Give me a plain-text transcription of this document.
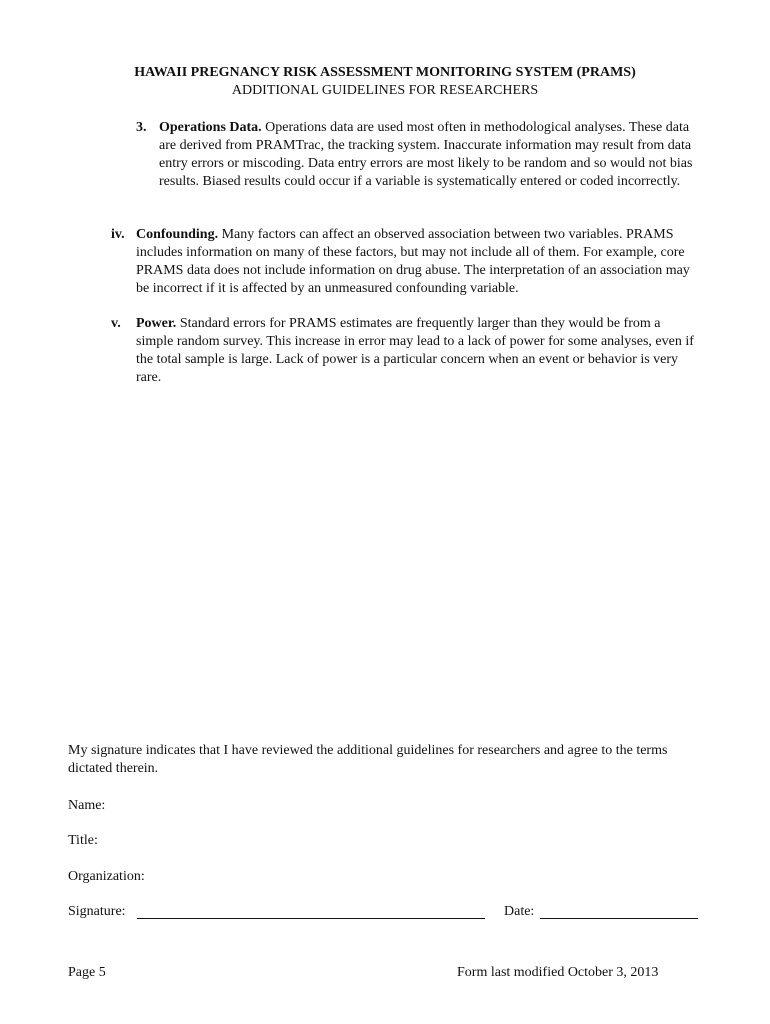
HAWAII PREGNANCY RISK ASSESSMENT MONITORING SYSTEM (PRAMS)
ADDITIONAL GUIDELINES FOR RESEARCHERS
3. Operations Data. Operations data are used most often in methodological analyses. These data are derived from PRAMTrac, the tracking system. Inaccurate information may result from data entry errors or miscoding. Data entry errors are most likely to be random and so would not bias results. Biased results could occur if a variable is systematically entered or coded incorrectly.
iv. Confounding. Many factors can affect an observed association between two variables. PRAMS includes information on many of these factors, but may not include all of them. For example, core PRAMS data does not include information on drug abuse. The interpretation of an association may be incorrect if it is affected by an unmeasured confounding variable.
v. Power. Standard errors for PRAMS estimates are frequently larger than they would be from a simple random survey. This increase in error may lead to a lack of power for some analyses, even if the total sample is large. Lack of power is a particular concern when an event or behavior is very rare.
My signature indicates that I have reviewed the additional guidelines for researchers and agree to the terms dictated therein.
Name:
Title:
Organization:
Signature:	Date:
Page 5	Form last modified October 3, 2013
